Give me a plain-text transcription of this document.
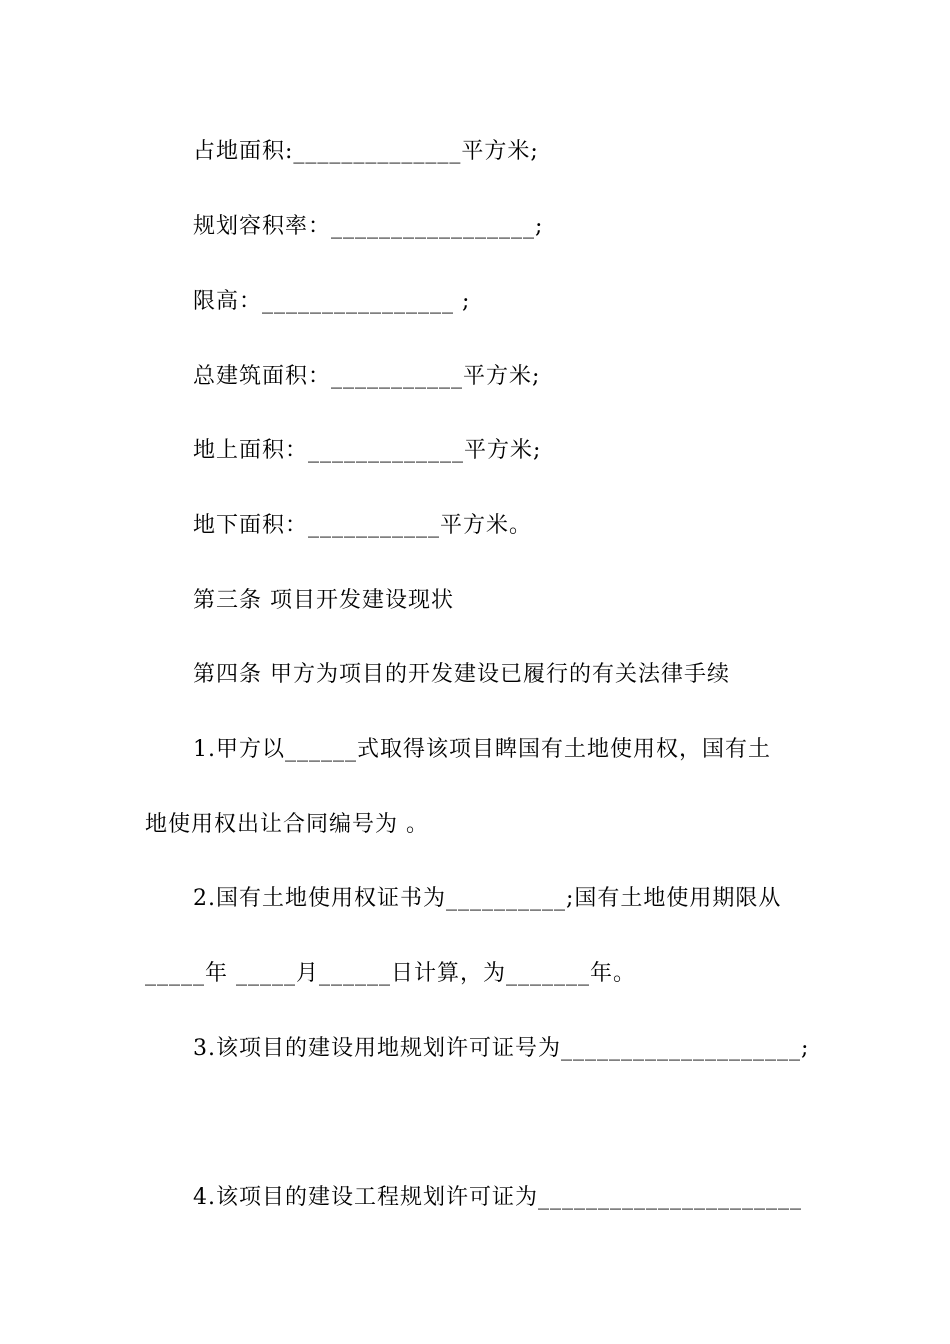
占地面积:______________平方米;
规划容积率：_________________;
限高：________________ ;
总建筑面积：___________平方米;
地上面积：_____________平方米;
地下面积：___________平方米。
第三条 项目开发建设现状
第四条 甲方为项目的开发建设已履行的有关法律手续
1.甲方以______式取得该项目睥国有土地使用权，国有土
地使用权出让合同编号为 。
2.国有土地使用权证书为__________;国有土地使用期限从
_____年 _____月______日计算，为_______年。
3.该项目的建设用地规划许可证号为____________________;
4.该项目的建设工程规划许可证为______________________
